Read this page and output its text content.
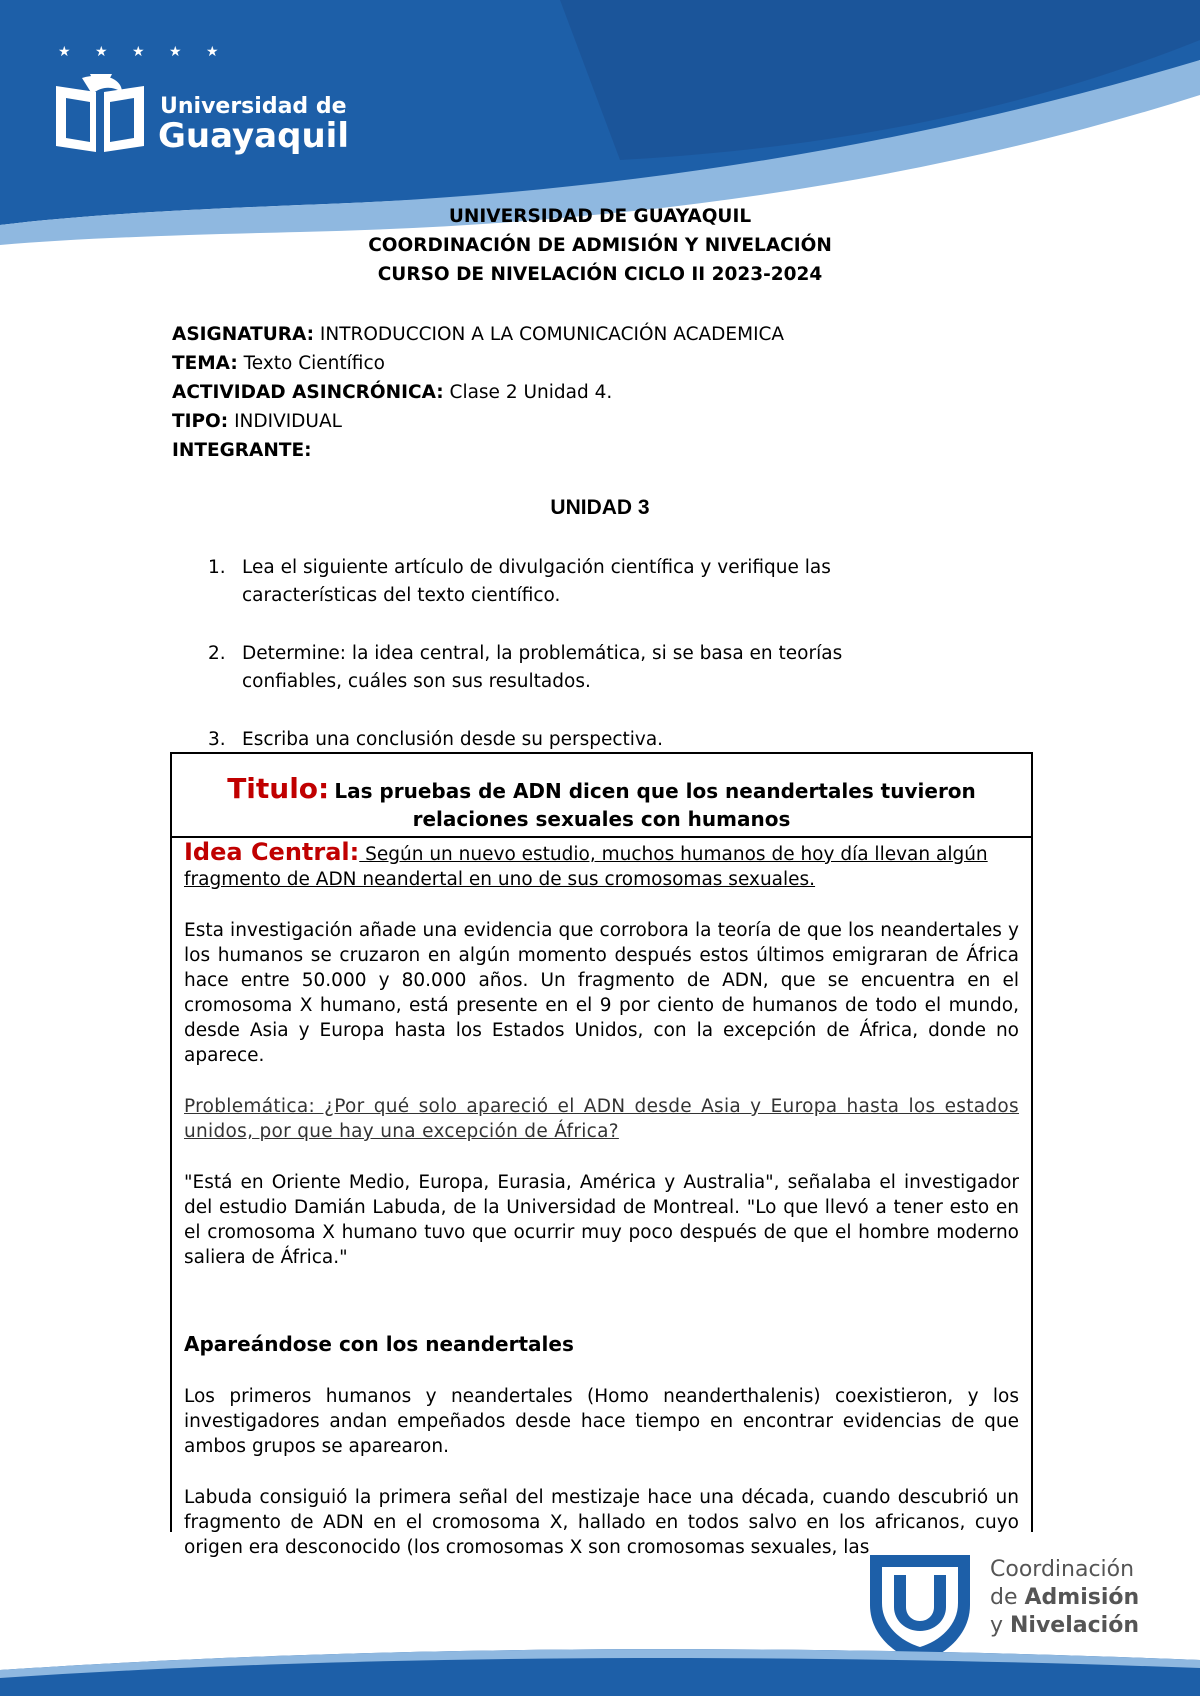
★ ★ ★ ★ ★
Universidad de
Guayaquil
UNIVERSIDAD DE GUAYAQUIL
COORDINACIÓN DE ADMISIÓN Y NIVELACIÓN
CURSO DE NIVELACIÓN CICLO II 2023-2024
ASIGNATURA: INTRODUCCION A LA COMUNICACIÓN ACADEMICA
TEMA: Texto Científico
ACTIVIDAD ASINCRÓNICA: Clase 2 Unidad 4.
TIPO: INDIVIDUAL
INTEGRANTE:
UNIDAD 3
1. Lea el siguiente artículo de divulgación científica y verifique las características del texto científico.
2. Determine: la idea central, la problemática, si se basa en teorías confiables, cuáles son sus resultados.
3. Escriba una conclusión desde su perspectiva.
Titulo: Las pruebas de ADN dicen que los neandertales tuvieron relaciones sexuales con humanos
Idea Central: Según un nuevo estudio, muchos humanos de hoy día llevan algún fragmento de ADN neandertal en uno de sus cromosomas sexuales.
Esta investigación añade una evidencia que corrobora la teoría de que los neandertales y los humanos se cruzaron en algún momento después estos últimos emigraran de África hace entre 50.000 y 80.000 años. Un fragmento de ADN, que se encuentra en el cromosoma X humano, está presente en el 9 por ciento de humanos de todo el mundo, desde Asia y Europa hasta los Estados Unidos, con la excepción de África, donde no aparece.
Problemática: ¿Por qué solo apareció el ADN desde Asia y Europa hasta los estados unidos, por que hay una excepción de África?
"Está en Oriente Medio, Europa, Eurasia, América y Australia", señalaba el investigador del estudio Damián Labuda, de la Universidad de Montreal. "Lo que llevó a tener esto en el cromosoma X humano tuvo que ocurrir muy poco después de que el hombre moderno saliera de África."
Apareándose con los neandertales
Los primeros humanos y neandertales (Homo neanderthalenis) coexistieron, y los investigadores andan empeñados desde hace tiempo en encontrar evidencias de que ambos grupos se aparearon.
Labuda consiguió la primera señal del mestizaje hace una década, cuando descubrió un fragmento de ADN en el cromosoma X, hallado en todos salvo en los africanos, cuyo origen era desconocido (los cromosomas X son cromosomas sexuales, las
Coordinación
de Admisión
y Nivelación
